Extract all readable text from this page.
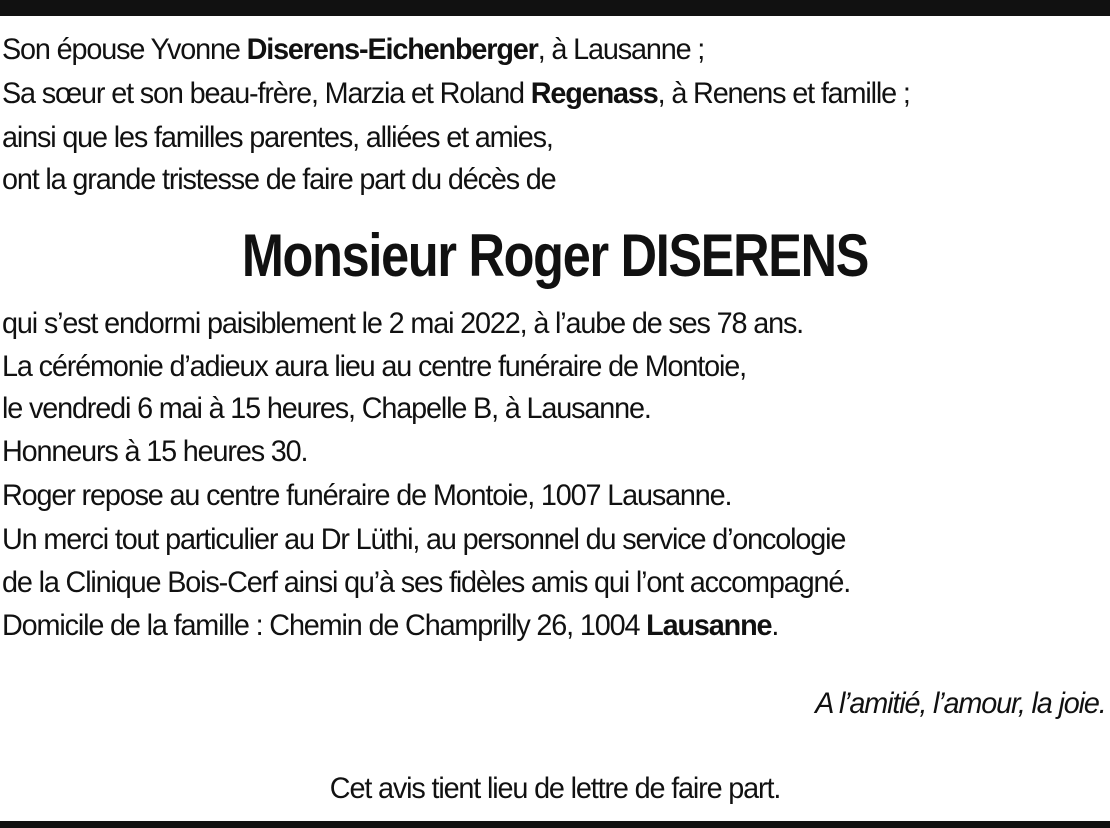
Son épouse Yvonne Diserens-Eichenberger, à Lausanne ;
Sa sœur et son beau-frère, Marzia et Roland Regenass, à Renens et famille ;
ainsi que les familles parentes, alliées et amies,
ont la grande tristesse de faire part du décès de
Monsieur Roger DISERENS
qui s’est endormi paisiblement le 2 mai 2022, à l’aube de ses 78 ans.
La cérémonie d’adieux aura lieu au centre funéraire de Montoie,
le vendredi 6 mai à 15 heures, Chapelle B, à Lausanne.
Honneurs à 15 heures 30.
Roger repose au centre funéraire de Montoie, 1007 Lausanne.
Un merci tout particulier au Dr Lüthi, au personnel du service d’oncologie
de la Clinique Bois-Cerf ainsi qu’à ses fidèles amis qui l’ont accompagné.
Domicile de la famille : Chemin de Champrilly 26, 1004 Lausanne.
A l’amitié, l’amour, la joie.
Cet avis tient lieu de lettre de faire part.
